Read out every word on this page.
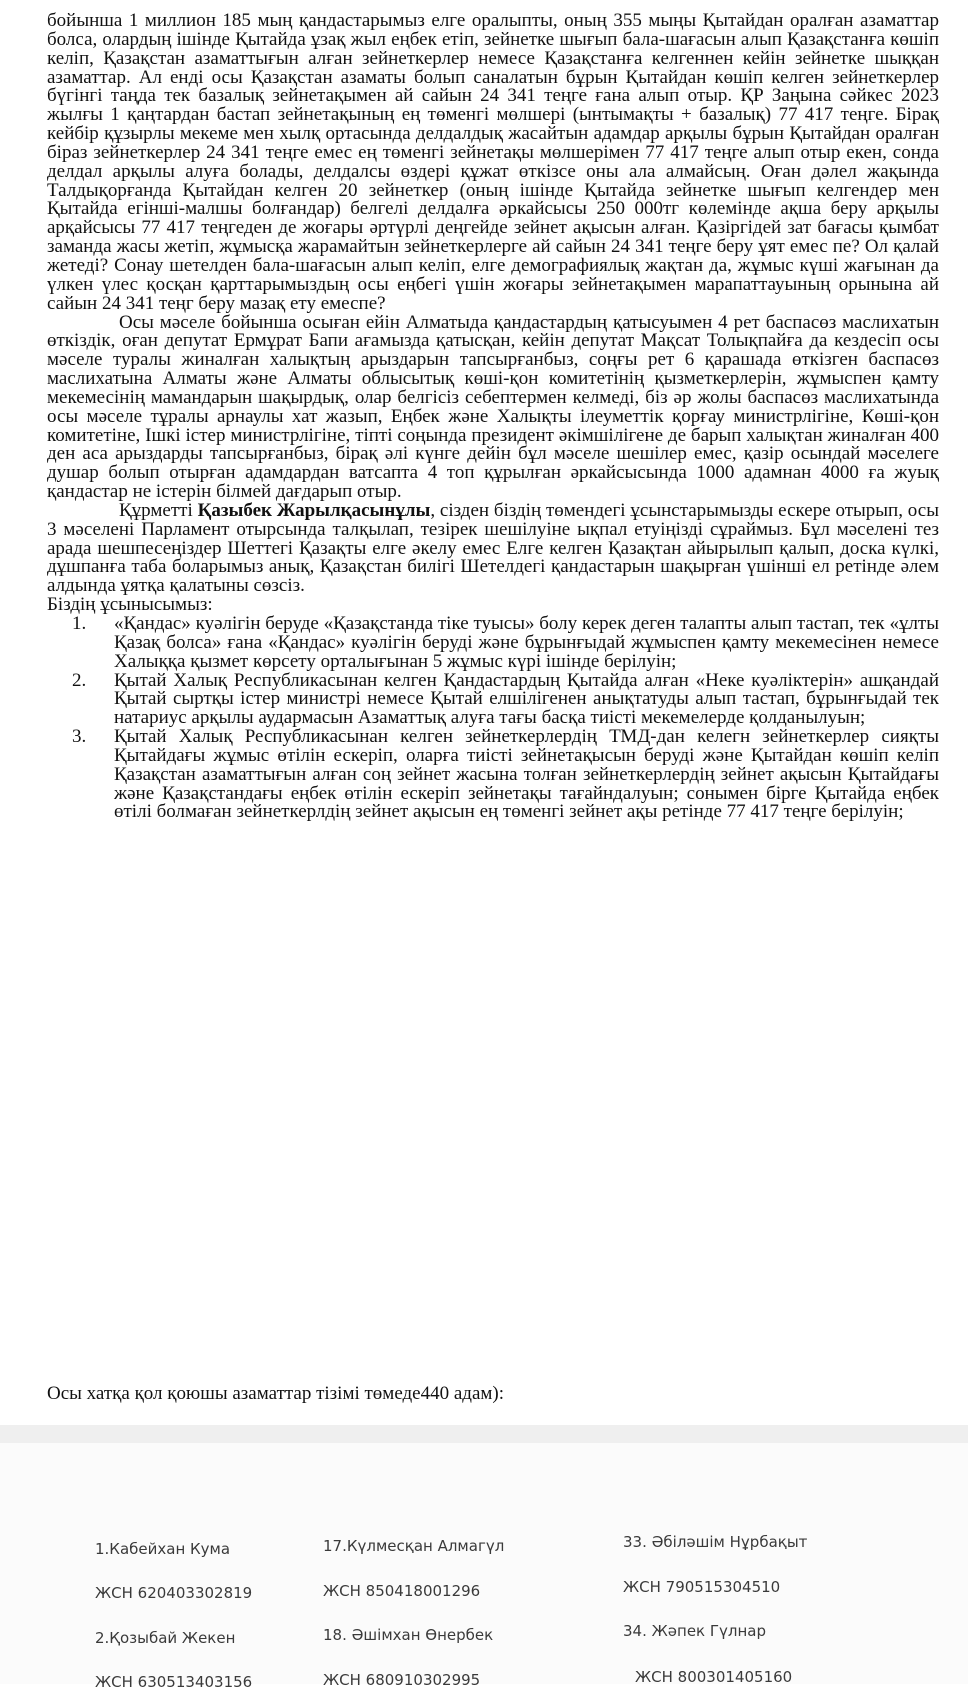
бойынша 1 миллион 185 мың қандастарымыз елге оралыпты, оның 355 мыңы Қытайдан оралған азаматтар болса, олардың ішінде Қытайда ұзақ жыл еңбек етіп, зейнетке шығып бала-шағасын алып Қазақстанға көшіп келіп, Қазақстан азаматтығын алған зейнеткерлер немесе Қазақстанға келгеннен кейін зейнетке шыққан азаматтар. Ал енді осы Қазақстан азаматы болып саналатын бұрын Қытайдан көшіп келген зейнеткерлер бүгінгі таңда тек базалық зейнетақымен ай сайын 24 341 теңге ғана алып отыр. ҚР Заңына сәйкес 2023 жылғы 1 қаңтардан бастап зейнетақының ең төменгі мөлшері (ынтымақты + базалық) 77 417 теңге. Бірақ кейбір құзырлы мекеме мен хылқ ортасында делдалдық жасайтын адамдар арқылы бұрын Қытайдан оралған біраз зейнеткерлер 24 341 теңге емес ең төменгі зейнетақы мөлшерімен 77 417 теңге алып отыр екен, сонда делдал арқылы алуға болады, делдалсы өздері құжат өткізсе оны ала алмайсың. Оған дәлел жақында Талдықорғанда Қытайдан келген 20 зейнеткер (оның ішінде Қытайда зейнетке шығып келгендер мен Қытайда егінші-малшы болғандар) белгелі делдалға әркайсысы 250 000тг көлемінде ақша беру арқылы арқайсысы 77 417 теңгеден де жоғары әртүрлі деңгейде зейнет ақысын алған. Қазіргідей зат бағасы қымбат заманда жасы жетіп, жұмысқа жарамайтын зейнеткерлерге ай сайын 24 341 теңге беру ұят емес пе? Ол қалай жетеді? Сонау шетелден бала-шағасын алып келіп, елге демографиялық жақтан да, жұмыс күші жағынан да үлкен үлес қосқан қарттарымыздың осы еңбегі үшін жоғары зейнетақымен марапаттауының орынына ай сайын 24 341 теңг беру мазақ ету емеспе?

Осы мәселе бойынша осыған ейін Алматыда қандастардың қатысуымен 4 рет баспасөз маслихатын өткіздік, оған депутат Ермұрат Бапи ағамызда қатысқан, кейін депутат Мақсат Толықпайға да кездесіп осы мәселе туралы жиналған халықтың арыздарын тапсырғанбыз, соңғы рет 6 қарашада өткізген баспасөз маслихатына Алматы және Алматы облысытық көші-қон комитетінің қызметкерлерін, жұмыспен қамту мекемесінің мамандарын шақырдық, олар белгісіз себептермен келмеді, біз әр жолы баспасөз маслихатында осы мәселе тұралы арнаулы хат жазып, Еңбек және Халықты ілеуметтік қорғау министрлігіне, Көші-қон комитетіне, Ішкі істер министрлігіне, тіпті соңында президент әкімшілігене де барып халықтан жиналған 400 ден аса арыздарды тапсырғанбыз, бірақ әлі күнге дейін бұл мәселе шешілер емес, қазір осындай мәселеге душар болып отырған адамдардан ватсапта 4 топ құрылған әркайсысында 1000 адамнан 4000 ға жуық қандастар не істерін білмей дағдарып отыр.

Құрметті Қазыбек Жарылқасынұлы, сізден біздің төмендегі ұсынстарымызды ескере отырып, осы 3 мәселені Парламент отырсында талқылап, тезірек шешілуіне ықпал етуіңізді сұраймыз. Бұл мәселені тез арада шешпесеңіздер Шеттегі Қазақты елге әкелу емес Елге келген Қазақтан айырылып қалып, доска күлкі, дұшпанға таба боларымыз анық, Қазақстан билігі Шетелдегі қандастарын шақырған үшінші ел ретінде әлем алдында ұятқа қалатыны сөзсіз.

Біздің ұсынысымыз:

1. «Қандас» куәлігін беруде «Қазақстанда тіке туысы» болу керек деген талапты алып тастап, тек «ұлты Қазақ болса» ғана «Қандас» куәлігін беруді және бұрынғыдай жұмыспен қамту мекемесінен немесе Халыққа қызмет көрсету орталығынан 5 жұмыс күрі ішінде берілуін;
2. Қытай Халық Республикасынан келген Қандастардың Қытайда алған «Неке куәліктерін» ашқандай Қытай сыртқы істер министрі немесе Қытай елшілігенен анықтатуды алып тастап, бұрынғыдай тек натариус арқылы аудармасын Азаматтық алуға тағы басқа тиісті мекемелерде қолданылуын;
3. Қытай Халық Республикасынан келген зейнеткерлердің ТМД-дан келегн зейнеткерлер сияқты Қытайдағы жұмыс өтілін ескеріп, оларға тиісті зейнетақысын беруді және Қытайдан көшіп келіп Қазақстан азаматтығын алған соң зейнет жасына толған зейнеткерлердің зейнет ақысын Қытайдағы және Қазақстандағы еңбек өтілін ескеріп зейнетақы тағайндалуын; сонымен бірге Қытайда еңбек өтілі болмаған зейнеткерлдің зейнет ақысын ең төменгі зейнет ақы ретінде 77 417 теңге берілуін;

Осы хатқа қол қоюшы азаматтар тізімі төмеде440 адам):

1.Кабейхан Кума
ЖСН 620403302819
2.Қозыбай Жекен
ЖСН 630513403156
17.Күлмесқан Алмагүл
ЖСН 850418001296
18. Әшімхан Өнербек
ЖСН 680910302995
33. Әбіләшім Нұрбақыт
ЖСН 790515304510
34. Жәпек Гүлнар
ЖСН 800301405160
